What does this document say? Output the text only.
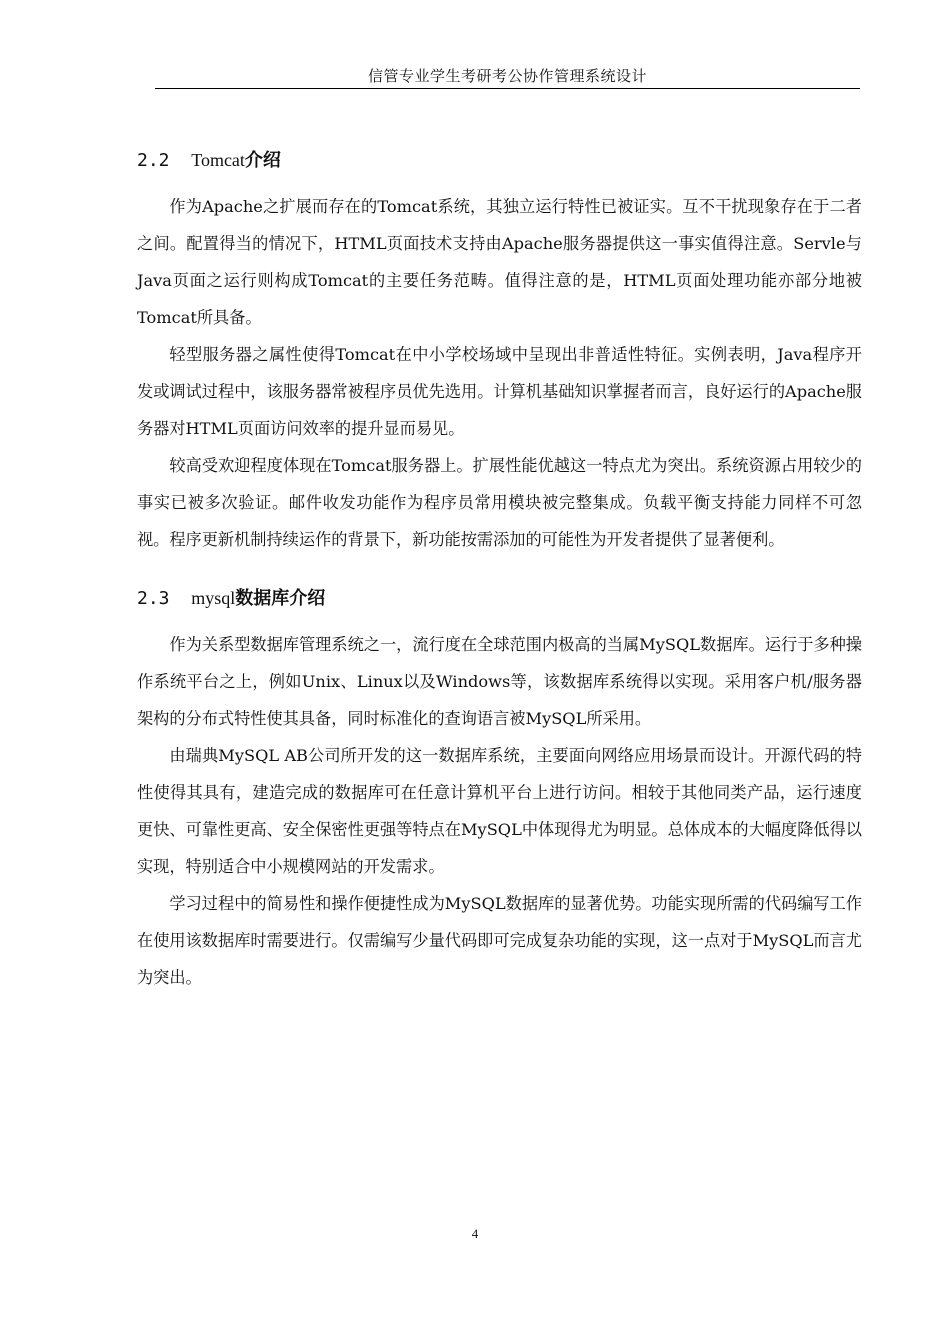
信管专业学生考研考公协作管理系统设计
2.2 Tomcat介绍

作为Apache之扩展而存在的Tomcat系统，其独立运行特性已被证实。互不干扰现象存在于二者之间。配置得当的情况下，HTML页面技术支持由Apache服务器提供这一事实值得注意。Servle与Java页面之运行则构成Tomcat的主要任务范畴。值得注意的是，HTML页面处理功能亦部分地被Tomcat所具备。

轻型服务器之属性使得Tomcat在中小学校场域中呈现出非普适性特征。实例表明，Java程序开发或调试过程中，该服务器常被程序员优先选用。计算机基础知识掌握者而言，良好运行的Apache服务器对HTML页面访问效率的提升显而易见。

较高受欢迎程度体现在Tomcat服务器上。扩展性能优越这一特点尤为突出。系统资源占用较少的事实已被多次验证。邮件收发功能作为程序员常用模块被完整集成。负载平衡支持能力同样不可忽视。程序更新机制持续运作的背景下，新功能按需添加的可能性为开发者提供了显著便利。

2.3 mysql数据库介绍

作为关系型数据库管理系统之一，流行度在全球范围内极高的当属MySQL数据库。运行于多种操作系统平台之上，例如Unix、Linux以及Windows等，该数据库系统得以实现。采用客户机/服务器架构的分布式特性使其具备，同时标准化的查询语言被MySQL所采用。

由瑞典MySQL AB公司所开发的这一数据库系统，主要面向网络应用场景而设计。开源代码的特性使得其具有，建造完成的数据库可在任意计算机平台上进行访问。相较于其他同类产品，运行速度更快、可靠性更高、安全保密性更强等特点在MySQL中体现得尤为明显。总体成本的大幅度降低得以实现，特别适合中小规模网站的开发需求。

学习过程中的简易性和操作便捷性成为MySQL数据库的显著优势。功能实现所需的代码编写工作在使用该数据库时需要进行。仅需编写少量代码即可完成复杂功能的实现，这一点对于MySQL而言尤为突出。

4
